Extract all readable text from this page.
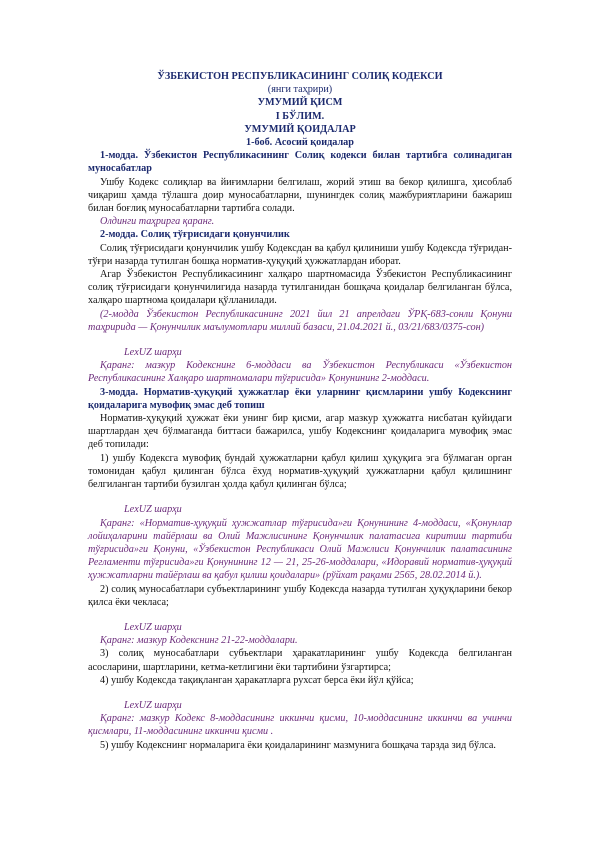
ЎЗБЕКИСТОН РЕСПУБЛИКАСИНИНГ СОЛИҚ КОДЕКСИ
(янги таҳрири)
УМУМИЙ ҚИСМ
I БЎЛИМ.
УМУМИЙ ҚОИДАЛАР
1-боб. Асосий қоидалар
1-модда. Ўзбекистон Республикасининг Солиқ кодекси билан тартибга солинадиган муносабатлар
Ушбу Кодекс солиқлар ва йиғимларни белгилаш, жорий этиш ва бекор қилишга, ҳисоблаб чиқариш ҳамда тўлашга доир муносабатларни, шунингдек солиқ мажбуриятларини бажариш билан боғлиқ муносабатларни тартибга солади.
Олдинги таҳрирга қаранг.
2-модда. Солиқ тўғрисидаги қонунчилик
Солиқ тўғрисидаги қонунчилик ушбу Кодексдан ва қабул қилиниши ушбу Кодексда тўғридан-тўғри назарда тутилган бошқа норматив-ҳуқуқий ҳужжатлардан иборат.
Агар Ўзбекистон Республикасининг халқаро шартномасида Ўзбекистон Республикасининг солиқ тўғрисидаги қонунчилигида назарда тутилганидан бошқача қоидалар белгиланган бўлса, халқаро шартнома қоидалари қўлланилади.
(2-модда Ўзбекистон Республикасининг 2021 йил 21 апрелдаги ЎРҚ-683-сонли Қонуни таҳририда — Қонунчилик маълумотлари миллий базаси, 21.04.2021 й., 03/21/683/0375-сон)
LexUZ шарҳи
Қаранг: мазкур Кодекснинг 6-моддаси ва Ўзбекистон Республикаси «Ўзбекистон Республикасининг Халқаро шартномалари тўғрисида» Қонунининг 2-моддаси.
3-модда. Норматив-ҳуқуқий ҳужжатлар ёки уларнинг қисмларини ушбу Кодекснинг қоидаларига мувофиқ эмас деб топиш
Норматив-ҳуқуқий ҳужжат ёки унинг бир қисми, агар мазкур ҳужжатга нисбатан қуйидаги шартлардан ҳеч бўлмаганда биттаси бажарилса, ушбу Кодекснинг қоидаларига мувофиқ эмас деб топилади:
1) ушбу Кодексга мувофиқ бундай ҳужжатларни қабул қилиш ҳуқуқига эга бўлмаган орган томонидан қабул қилинган бўлса ёхуд норматив-ҳуқуқий ҳужжатларни қабул қилишнинг белгиланган тартиби бузилган ҳолда қабул қилинган бўлса;
LexUZ шарҳи
Қаранг: «Норматив-ҳуқуқий ҳужжатлар тўғрисида»ги Қонунининг 4-моддаси, «Қонунлар лойиҳаларини тайёрлаш ва Олий Мажлисининг Қонунчилик палатасига киритиш тартиби тўғрисида»ги Қонуни, «Ўзбекистон Республикаси Олий Мажлиси Қонунчилик палатасининг Регламенти тўғрисида»ги Қонунининг 12 — 21, 25-26-моддалари, «Идоравий норматив-ҳуқуқий ҳужжатларни тайёрлаш ва қабул қилиш қоидалари» (рўйхат рақами 2565, 28.02.2014 й.).
2) солиқ муносабатлари субъектларининг ушбу Кодексда назарда тутилган ҳуқуқларини бекор қилса ёки чекласа;
LexUZ шарҳи
Қаранг: мазкур Кодекснинг 21-22-моддалари.
3) солиқ муносабатлари субъектлари ҳаракатларининг ушбу Кодексда белгиланган асосларини, шартларини, кетма-кетлигини ёки тартибини ўзгартирса;
4) ушбу Кодексда тақиқланган ҳаракатларга рухсат берса ёки йўл қўйса;
LexUZ шарҳи
Қаранг: мазкур Кодекс 8-моддасининг иккинчи қисми, 10-моддасининг иккинчи ва учинчи қисмлари, 11-моддасининг иккинчи қисми .
5) ушбу Кодекснинг нормаларига ёки қоидаларининг мазмунига бошқача тарзда зид бўлса.
